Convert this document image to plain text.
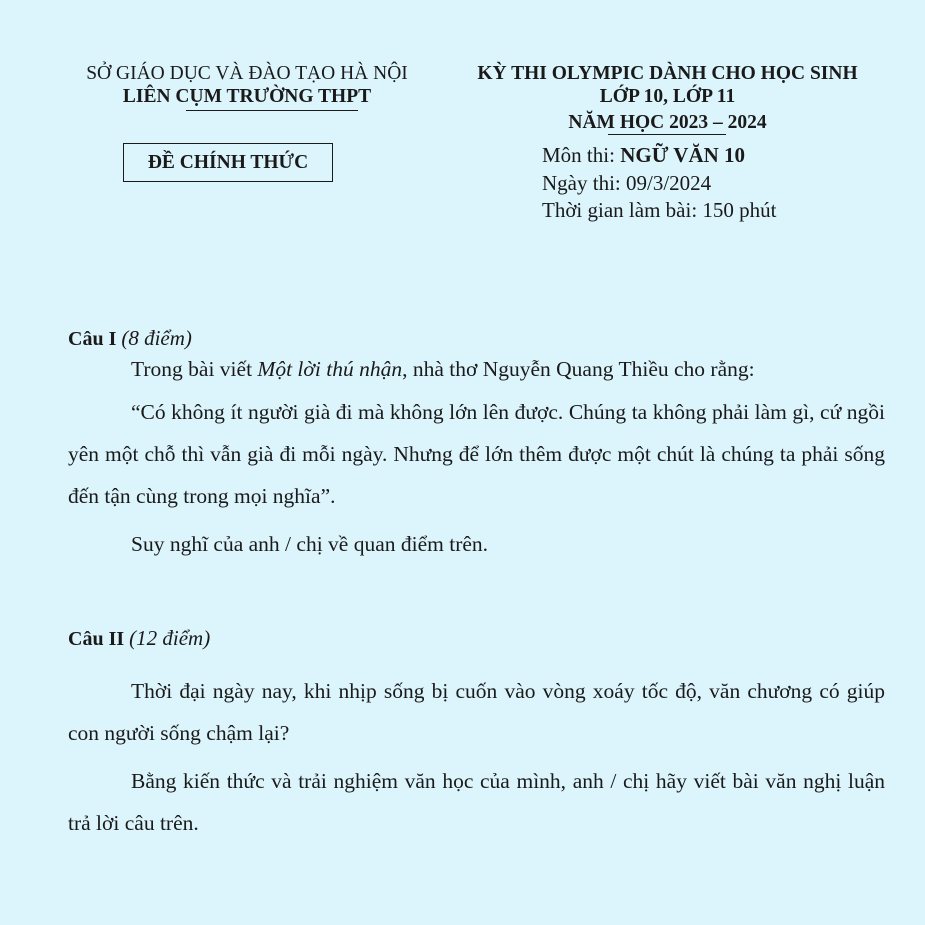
SỞ GIÁO DỤC VÀ ĐÀO TẠO HÀ NỘI
LIÊN CỤM TRƯỜNG THPT
ĐỀ CHÍNH THỨC
KỲ THI OLYMPIC DÀNH CHO HỌC SINH
LỚP 10, LỚP 11
NĂM HỌC 2023 – 2024
Môn thi: NGỮ VĂN 10
Ngày thi: 09/3/2024
Thời gian làm bài: 150 phút
Câu I (8 điểm)
Trong bài viết Một lời thú nhận, nhà thơ Nguyễn Quang Thiều cho rằng:
“Có không ít người già đi mà không lớn lên được. Chúng ta không phải làm gì, cứ ngồi yên một chỗ thì vẫn già đi mỗi ngày. Nhưng để lớn thêm được một chút là chúng ta phải sống đến tận cùng trong mọi nghĩa”.
Suy nghĩ của anh / chị về quan điểm trên.
Câu II (12 điểm)
Thời đại ngày nay, khi nhịp sống bị cuốn vào vòng xoáy tốc độ, văn chương có giúp con người sống chậm lại?
Bằng kiến thức và trải nghiệm văn học của mình, anh / chị hãy viết bài văn nghị luận trả lời câu trên.
